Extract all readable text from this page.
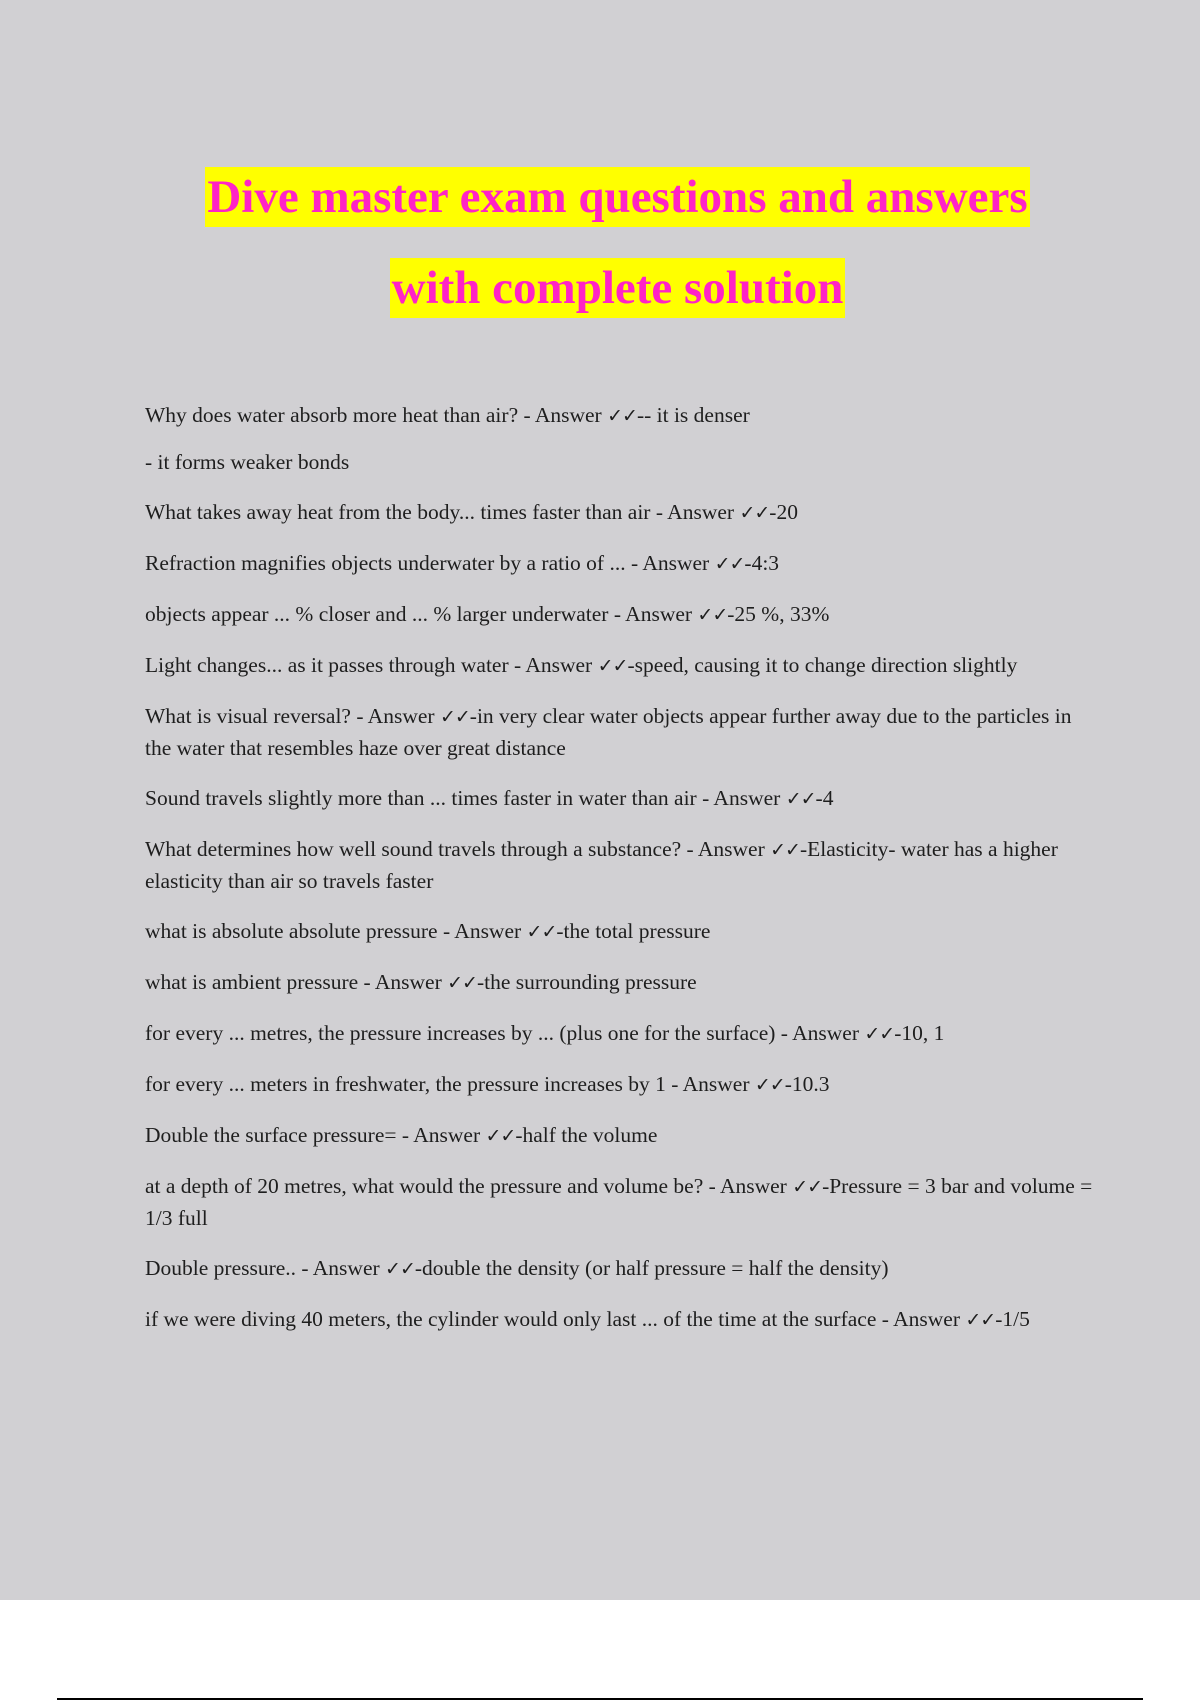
Dive master exam questions and answers
with complete solution

Why does water absorb more heat than air? - Answer ✓✓-- it is denser

- it forms weaker bonds

What takes away heat from the body... times faster than air - Answer ✓✓-20

Refraction magnifies objects underwater by a ratio of ... - Answer ✓✓-4:3

objects appear ... % closer and ... % larger underwater - Answer ✓✓-25 %, 33%

Light changes... as it passes through water - Answer ✓✓-speed, causing it to change direction slightly

What is visual reversal? - Answer ✓✓-in very clear water objects appear further away due to the particles in the water that resembles haze over great distance

Sound travels slightly more than ... times faster in water than air - Answer ✓✓-4

What determines how well sound travels through a substance? - Answer ✓✓-Elasticity- water has a higher elasticity than air so travels faster

what is absolute absolute pressure - Answer ✓✓-the total pressure

what is ambient pressure - Answer ✓✓-the surrounding pressure

for every ... metres, the pressure increases by ... (plus one for the surface) - Answer ✓✓-10, 1

for every ... meters in freshwater, the pressure increases by 1 - Answer ✓✓-10.3

Double the surface pressure= - Answer ✓✓-half the volume

at a depth of 20 metres, what would the pressure and volume be? - Answer ✓✓-Pressure = 3 bar and volume = 1/3 full

Double pressure.. - Answer ✓✓-double the density (or half pressure = half the density)

if we were diving 40 meters, the cylinder would only last ... of the time at the surface - Answer ✓✓-1/5
